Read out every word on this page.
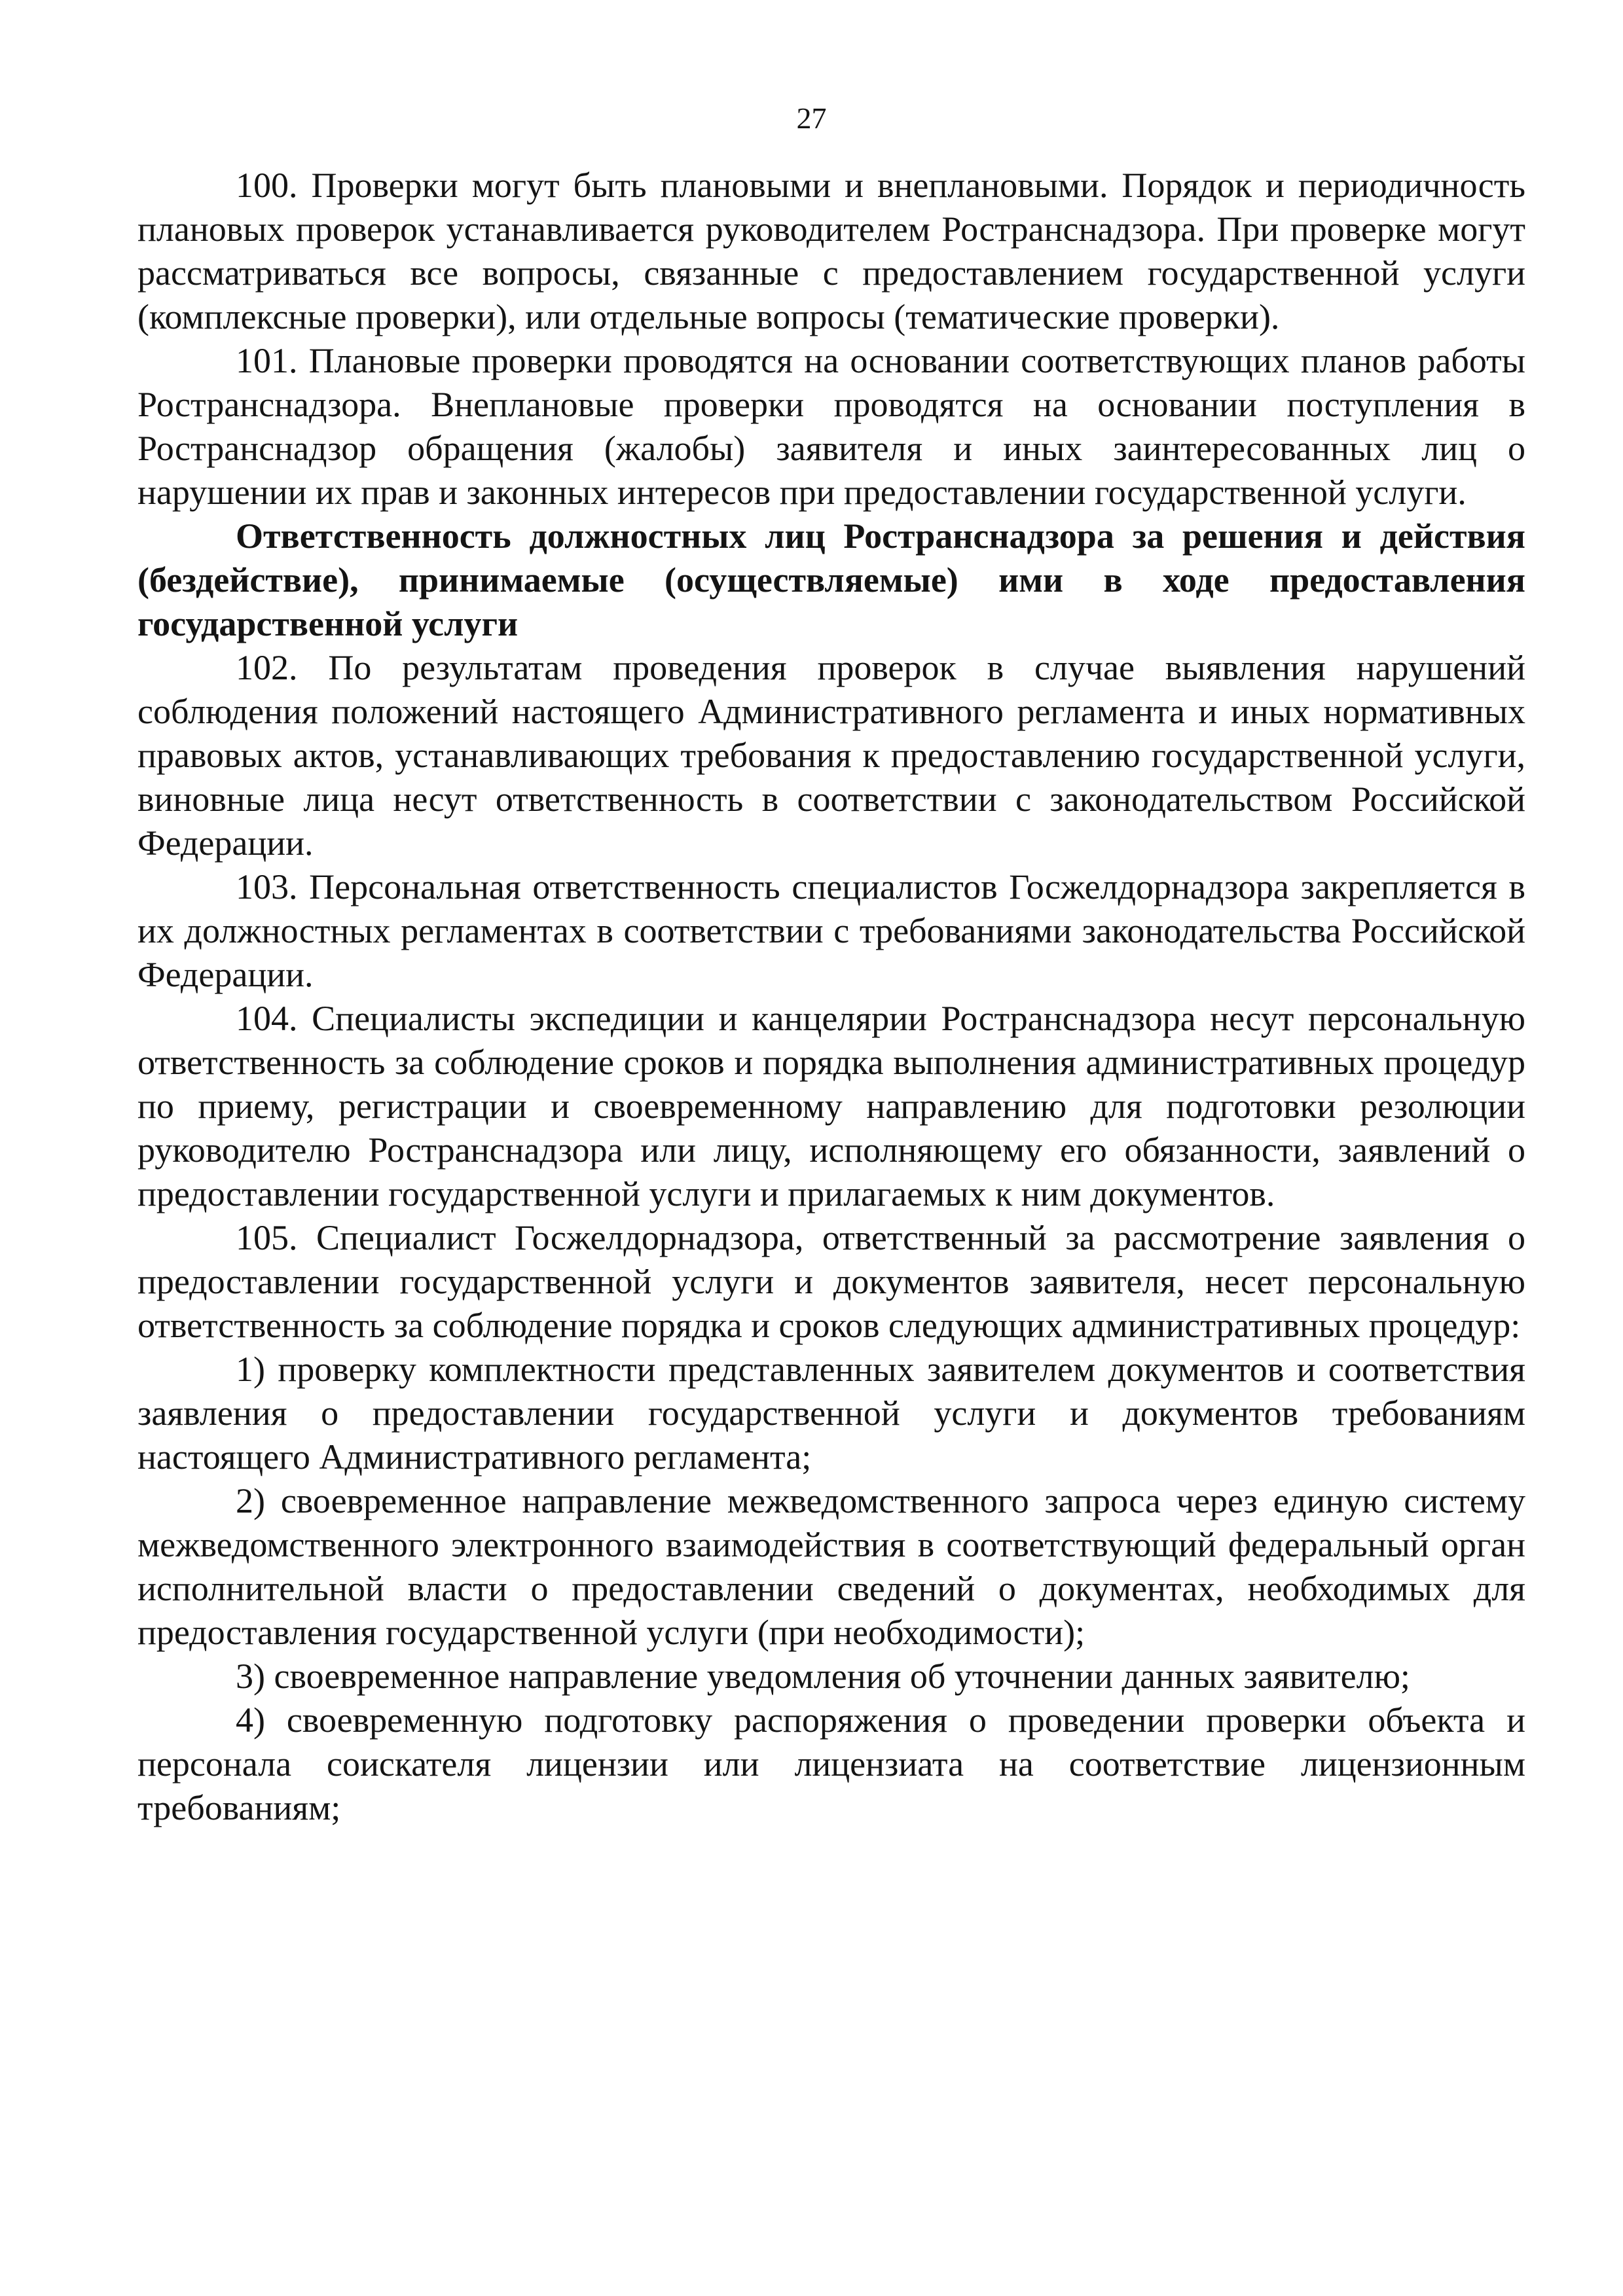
27

100. Проверки могут быть плановыми и внеплановыми. Порядок и периодичность плановых проверок устанавливается руководителем Ространснадзора. При проверке могут рассматриваться все вопросы, связанные с предоставлением государственной услуги (комплексные проверки), или отдельные вопросы (тематические проверки).

101. Плановые проверки проводятся на основании соответствующих планов работы Ространснадзора. Внеплановые проверки проводятся на основании поступления в Ространснадзор обращения (жалобы) заявителя и иных заинтересованных лиц о нарушении их прав и законных интересов при предоставлении государственной услуги.

Ответственность должностных лиц Ространснадзора за решения и действия (бездействие), принимаемые (осуществляемые) ими в ходе предоставления государственной услуги

102. По результатам проведения проверок в случае выявления нарушений соблюдения положений настоящего Административного регламента и иных нормативных правовых актов, устанавливающих требования к предоставлению государственной услуги, виновные лица несут ответственность в соответствии с законодательством Российской Федерации.

103. Персональная ответственность специалистов Госжелдорнадзора закрепляется в их должностных регламентах в соответствии с требованиями законодательства Российской Федерации.

104. Специалисты экспедиции и канцелярии Ространснадзора несут персональную ответственность за соблюдение сроков и порядка выполнения административных процедур по приему, регистрации и своевременному направлению для подготовки резолюции руководителю Ространснадзора или лицу, исполняющему его обязанности, заявлений о предоставлении государственной услуги и прилагаемых к ним документов.

105. Специалист Госжелдорнадзора, ответственный за рассмотрение заявления о предоставлении государственной услуги и документов заявителя, несет персональную ответственность за соблюдение порядка и сроков следующих административных процедур:

1) проверку комплектности представленных заявителем документов и соответствия заявления о предоставлении государственной услуги и документов требованиям настоящего Административного регламента;

2) своевременное направление межведомственного запроса через единую систему межведомственного электронного взаимодействия в соответствующий федеральный орган исполнительной власти о предоставлении сведений о документах, необходимых для предоставления государственной услуги (при необходимости);

3) своевременное направление уведомления об уточнении данных заявителю;

4) своевременную подготовку распоряжения о проведении проверки объекта и персонала соискателя лицензии или лицензиата на соответствие лицензионным требованиям;
